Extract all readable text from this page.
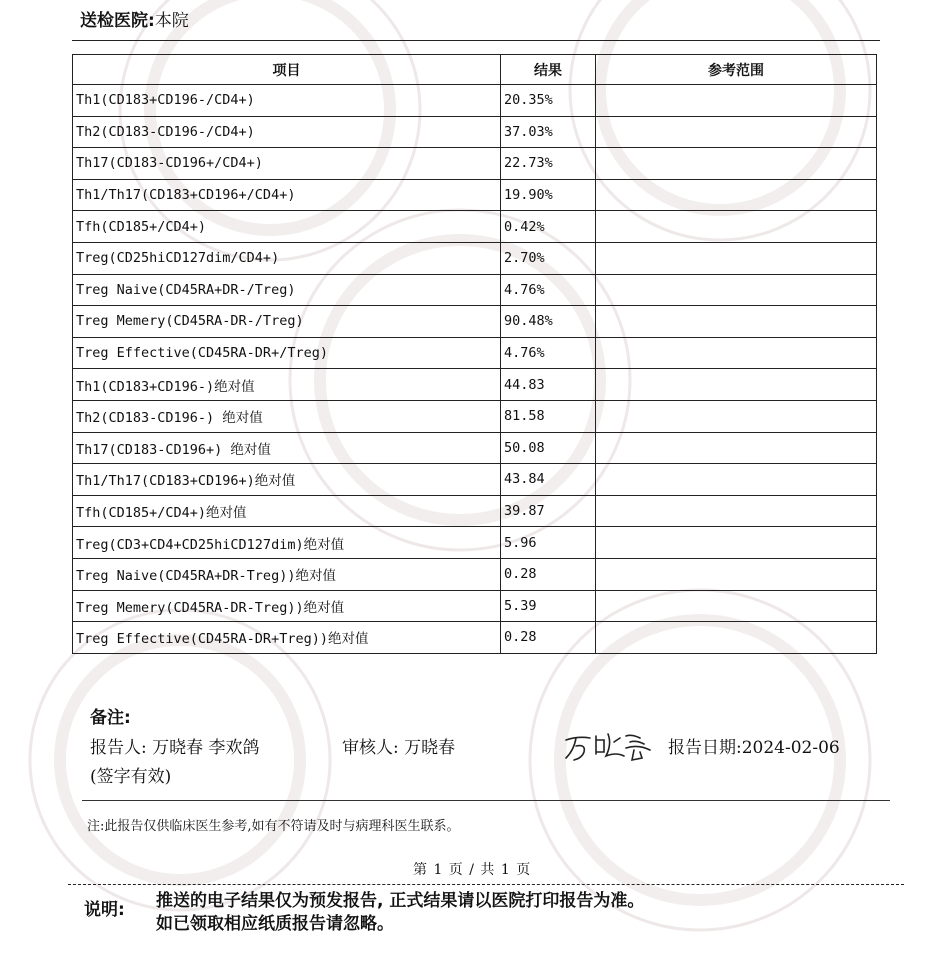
送检医院:本院
项目	结果	参考范围
Th1(CD183+CD196-/CD4+)	20.35%	
Th2(CD183-CD196-/CD4+)	37.03%	
Th17(CD183-CD196+/CD4+)	22.73%	
Th1/Th17(CD183+CD196+/CD4+)	19.90%	
Tfh(CD185+/CD4+)	0.42%	
Treg(CD25hiCD127dim/CD4+)	2.70%	
Treg Naive(CD45RA+DR-/Treg)	4.76%	
Treg Memery(CD45RA-DR-/Treg)	90.48%	
Treg Effective(CD45RA-DR+/Treg)	4.76%	
Th1(CD183+CD196-)绝对值	44.83	
Th2(CD183-CD196-) 绝对值	81.58	
Th17(CD183-CD196+) 绝对值	50.08	
Th1/Th17(CD183+CD196+)绝对值	43.84	
Tfh(CD185+/CD4+)绝对值	39.87	
Treg(CD3+CD4+CD25hiCD127dim)绝对值	5.96	
Treg Naive(CD45RA+DR-Treg))绝对值	0.28	
Treg Memery(CD45RA-DR-Treg))绝对值	5.39	
Treg Effective(CD45RA-DR+Treg))绝对值	0.28	
备注:
报告人: 万晓春 李欢鸽	审核人: 万晓春	报告日期:2024-02-06
(签字有效)
注:此报告仅供临床医生参考,如有不符请及时与病理科医生联系。
第 1 页 / 共 1 页
说明: 推送的电子结果仅为预发报告, 正式结果请以医院打印报告为准。
如已领取相应纸质报告请忽略。
